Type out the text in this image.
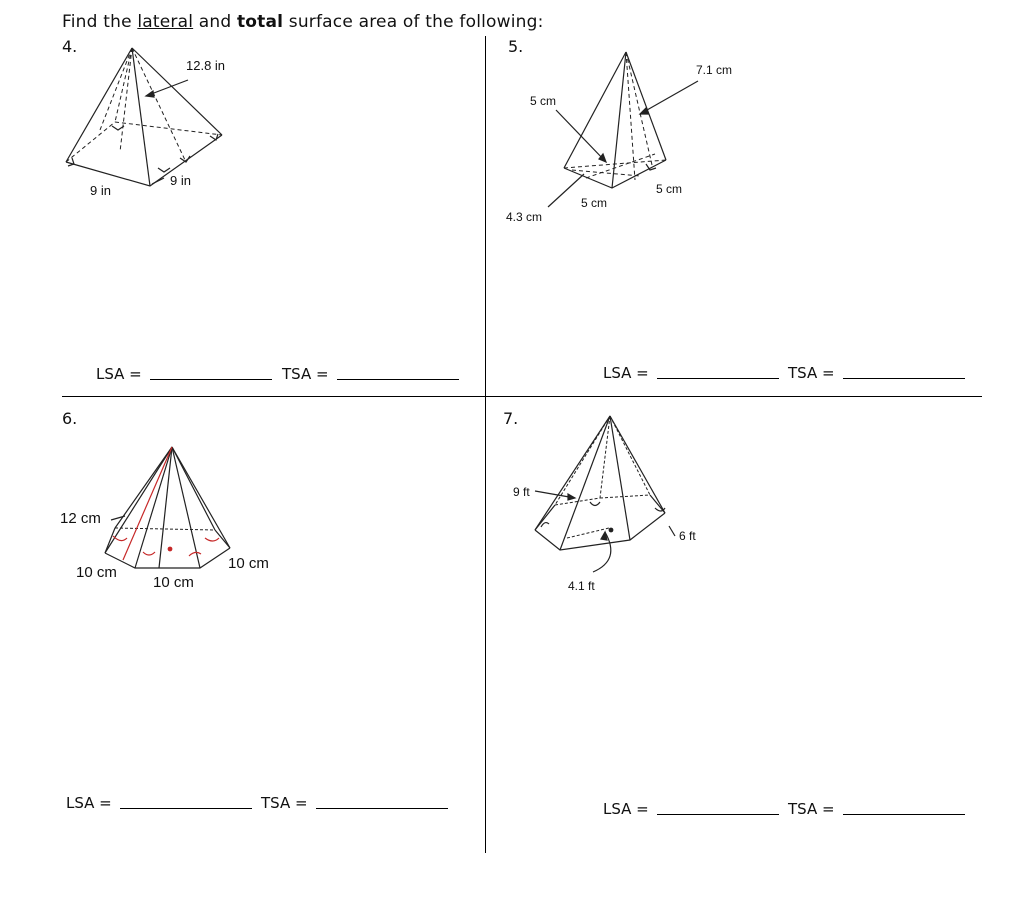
Find the lateral and total surface area of the following:
4.	5.
6.	7.
12.8 in
9 in
9 in
7.1 cm
5 cm
4.3 cm
5 cm
5 cm
12 cm
10 cm
10 cm
10 cm
9 ft
6 ft
4.1 ft
LSA =	TSA =	LSA =	TSA =
LSA =	TSA =	LSA =	TSA =
